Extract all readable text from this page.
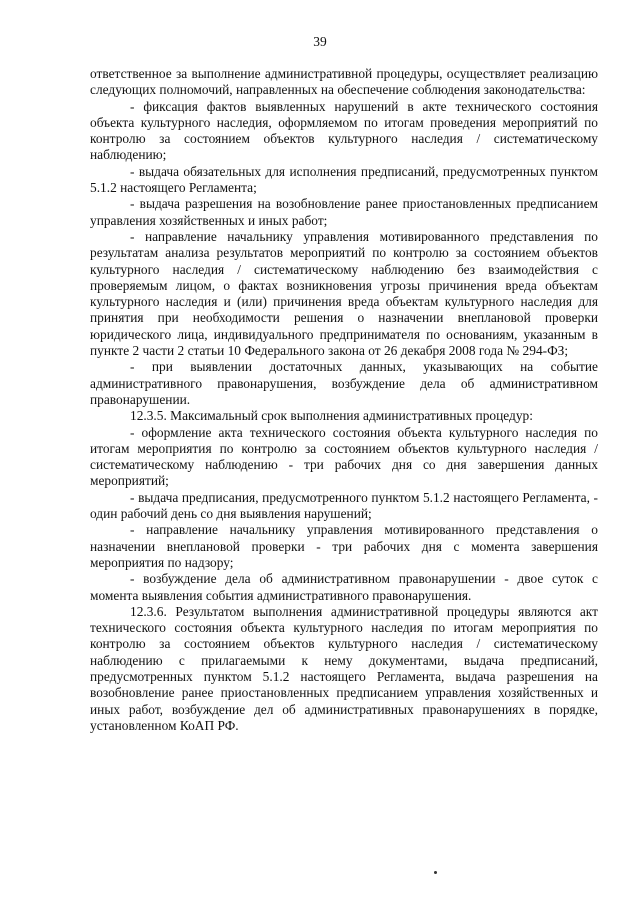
39

ответственное за выполнение административной процедуры, осуществляет реализацию следующих полномочий, направленных на обеспечение соблюдения законодательства:

- фиксация фактов выявленных нарушений в акте технического состояния объекта культурного наследия, оформляемом по итогам проведения мероприятий по контролю за состоянием объектов культурного наследия / систематическому наблюдению;

- выдача обязательных для исполнения предписаний, предусмотренных пунктом 5.1.2 настоящего Регламента;

- выдача разрешения на возобновление ранее приостановленных предписанием управления хозяйственных и иных работ;

- направление начальнику управления мотивированного представления по результатам анализа результатов мероприятий по контролю за состоянием объектов культурного наследия / систематическому наблюдению без взаимодействия с проверяемым лицом, о фактах возникновения угрозы причинения вреда объектам культурного наследия и (или) причинения вреда объектам культурного наследия для принятия при необходимости решения о назначении внеплановой проверки юридического лица, индивидуального предпринимателя по основаниям, указанным в пункте 2 части 2 статьи 10 Федерального закона от 26 декабря 2008 года № 294-ФЗ;

- при выявлении достаточных данных, указывающих на событие административного правонарушения, возбуждение дела об административном правонарушении.

12.3.5. Максимальный срок выполнения административных процедур:

- оформление акта технического состояния объекта культурного наследия по итогам мероприятия по контролю за состоянием объектов культурного наследия / систематическому наблюдению - три рабочих дня со дня завершения данных мероприятий;

- выдача предписания, предусмотренного пунктом 5.1.2 настоящего Регламента, - один рабочий день со дня выявления нарушений;

- направление начальнику управления мотивированного представления о назначении внеплановой проверки - три рабочих дня с момента завершения мероприятия по надзору;

- возбуждение дела об административном правонарушении - двое суток с момента выявления события административного правонарушения.

12.3.6. Результатом выполнения административной процедуры являются акт технического состояния объекта культурного наследия по итогам мероприятия по контролю за состоянием объектов культурного наследия / систематическому наблюдению с прилагаемыми к нему документами, выдача предписаний, предусмотренных пунктом 5.1.2 настоящего Регламента, выдача разрешения на возобновление ранее приостановленных предписанием управления хозяйственных и иных работ, возбуждение дел об административных правонарушениях в порядке, установленном КоАП РФ.
